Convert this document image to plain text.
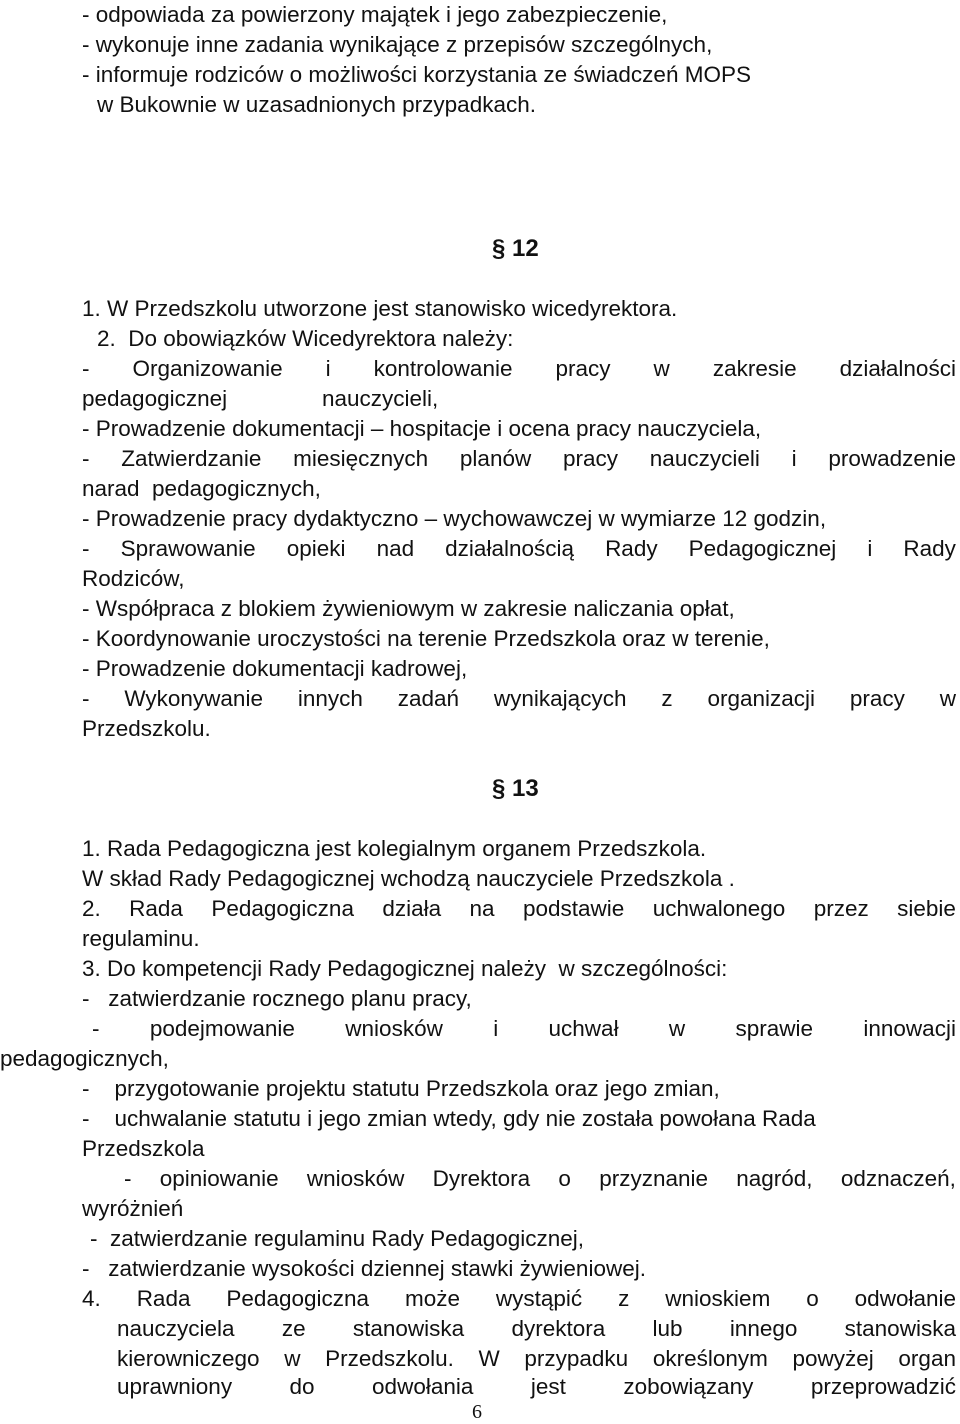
- odpowiada za powierzony majątek i jego zabezpieczenie,
- wykonuje inne zadania wynikające z przepisów szczególnych,
- informuje rodziców o możliwości korzystania ze świadczeń MOPS
w Bukownie w uzasadnionych przypadkach.
§ 12
1. W Przedszkolu utworzone jest stanowisko wicedyrektora.
2.  Do obowiązków Wicedyrektora należy:
- Organizowanie i kontrolowanie pracy w zakresie działalności
pedagogicznej	nauczycieli,
- Prowadzenie dokumentacji – hospitacje i ocena pracy nauczyciela,
- Zatwierdzanie miesięcznych planów pracy nauczycieli i prowadzenie
narad  pedagogicznych,
- Prowadzenie pracy dydaktyczno – wychowawczej w wymiarze 12 godzin,
- Sprawowanie opieki nad działalnością Rady Pedagogicznej i Rady
Rodziców,
- Współpraca z blokiem żywieniowym w zakresie naliczania opłat,
- Koordynowanie uroczystości na terenie Przedszkola oraz w terenie,
- Prowadzenie dokumentacji kadrowej,
- Wykonywanie innych zadań wynikających z organizacji pracy w
Przedszkolu.
§ 13
1. Rada Pedagogiczna jest kolegialnym organem Przedszkola.
W skład Rady Pedagogicznej wchodzą nauczyciele Przedszkola .
2. Rada Pedagogiczna działa na podstawie uchwalonego przez siebie
regulaminu.
3. Do kompetencji Rady Pedagogicznej należy  w szczególności:
-   zatwierdzanie rocznego planu pracy,
- podejmowanie wniosków i uchwał w sprawie innowacji
pedagogicznych,
-    przygotowanie projektu statutu Przedszkola oraz jego zmian,
-    uchwalanie statutu i jego zmian wtedy, gdy nie została powołana Rada
Przedszkola
- opiniowanie wniosków Dyrektora o przyznanie nagród, odznaczeń,
wyróżnień
-  zatwierdzanie regulaminu Rady Pedagogicznej,
-   zatwierdzanie wysokości dziennej stawki żywieniowej.
4. Rada Pedagogiczna może wystąpić z wnioskiem o odwołanie
nauczyciela ze stanowiska dyrektora lub innego stanowiska
kierowniczego w Przedszkolu. W przypadku określonym powyżej organ
uprawniony	do	odwołania	jest	zobowiązany	przeprowadzić
6
